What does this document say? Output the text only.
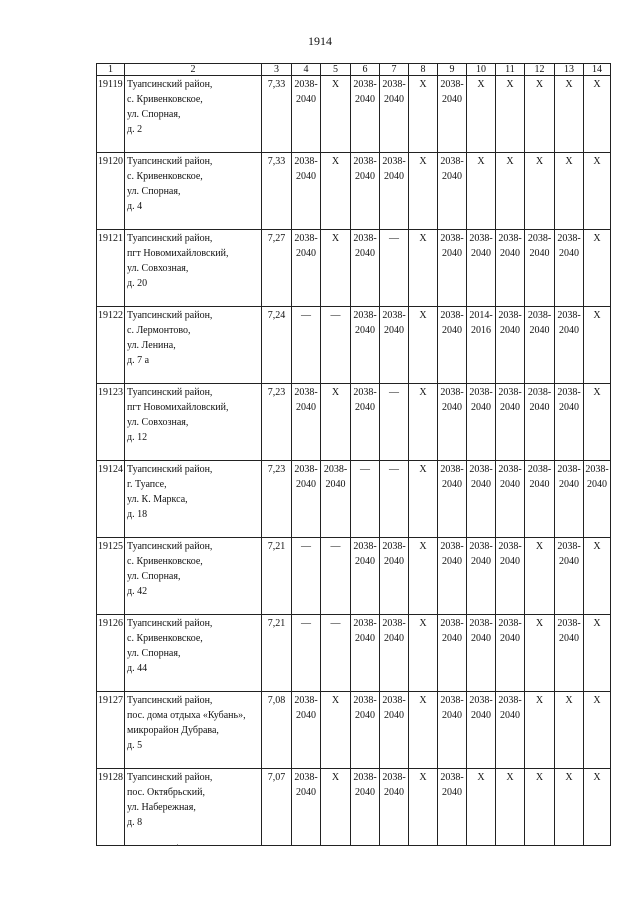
1914
1	2	3	4	5	6	7	8	9	10	11	12	13	14
19119	Туапсинский район,
с. Кривенковское,
ул. Спорная,
д. 2	7,33	2038-2040	X	2038-2040	2038-2040	X	2038-2040	X	X	X	X	X
19120	Туапсинский район,
с. Кривенковское,
ул. Спорная,
д. 4	7,33	2038-2040	X	2038-2040	2038-2040	X	2038-2040	X	X	X	X	X
19121	Туапсинский район,
пгт Новомихайловский,
ул. Совхозная,
д. 20	7,27	2038-2040	X	2038-2040	—	X	2038-2040	2038-2040	2038-2040	2038-2040	2038-2040	X
19122	Туапсинский район,
с. Лермонтово,
ул. Ленина,
д. 7 а	7,24	—	—	2038-2040	2038-2040	X	2038-2040	2014-2016	2038-2040	2038-2040	2038-2040	X
19123	Туапсинский район,
пгт Новомихайловский,
ул. Совхозная,
д. 12	7,23	2038-2040	X	2038-2040	—	X	2038-2040	2038-2040	2038-2040	2038-2040	2038-2040	X
19124	Туапсинский район,
г. Туапсе,
ул. К. Маркса,
д. 18	7,23	2038-2040	2038-2040	—	—	X	2038-2040	2038-2040	2038-2040	2038-2040	2038-2040	2038-2040
19125	Туапсинский район,
с. Кривенковское,
ул. Спорная,
д. 42	7,21	—	—	2038-2040	2038-2040	X	2038-2040	2038-2040	2038-2040	X	2038-2040	X
19126	Туапсинский район,
с. Кривенковское,
ул. Спорная,
д. 44	7,21	—	—	2038-2040	2038-2040	X	2038-2040	2038-2040	2038-2040	X	2038-2040	X
19127	Туапсинский район,
пос. дома отдыха «Кубань»,
микрорайон Дубрава,
д. 5	7,08	2038-2040	X	2038-2040	2038-2040	X	2038-2040	2038-2040	2038-2040	X	X	X
19128	Туапсинский район,
пос. Октябрьский,
ул. Набережная,
д. 8	7,07	2038-2040	X	2038-2040	2038-2040	X	2038-2040	X	X	X	X	X
·
